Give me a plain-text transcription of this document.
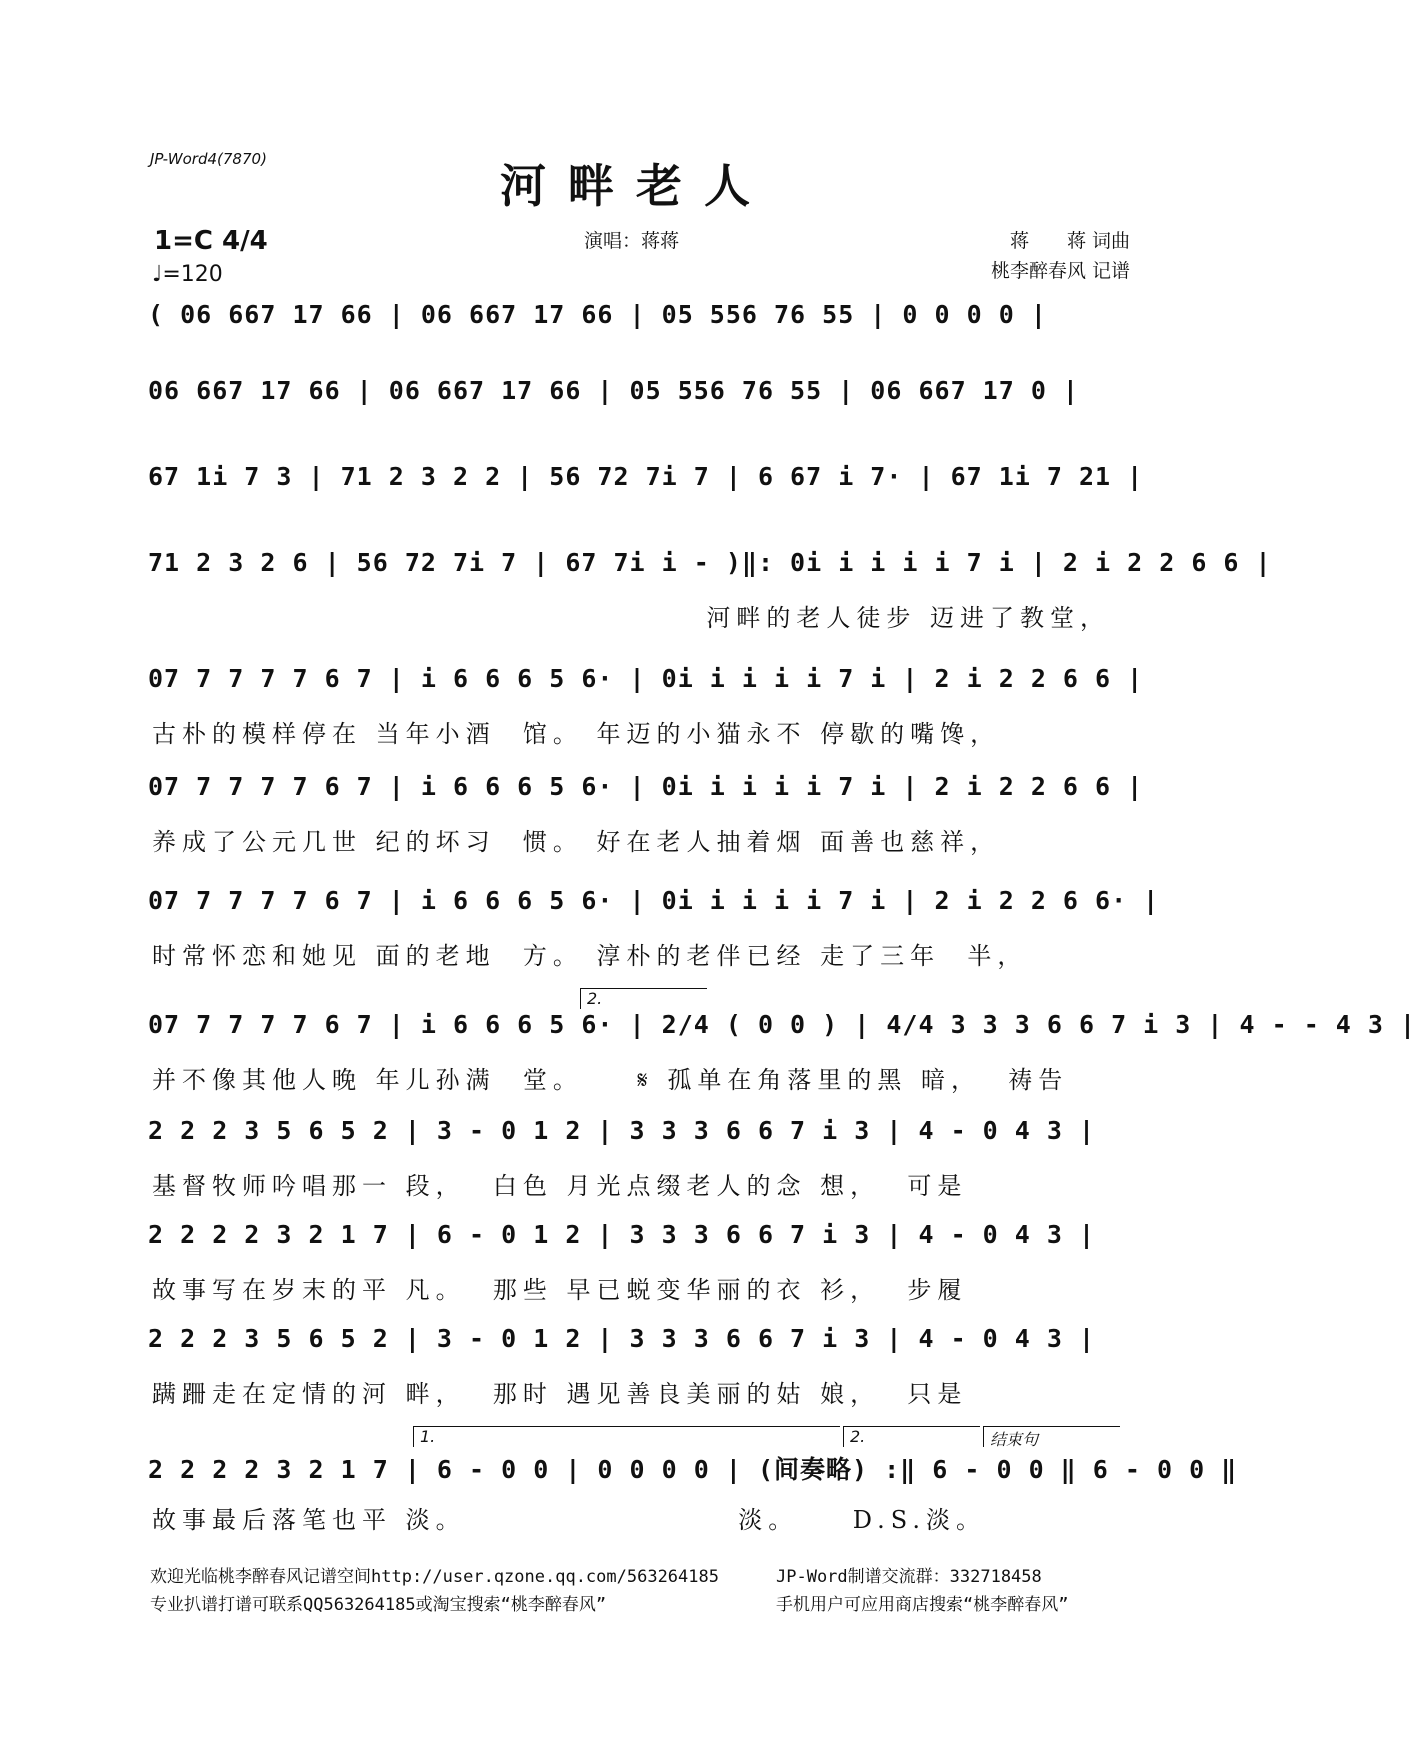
JP-Word4(7870)	河畔老人
1=C 4/4
♩=120
演唱：蒋蒋	蒋　　蒋 词曲
桃李醉春风 记谱
( 06 667 17 66 | 06 667 17 66 | 05 556 76 55 | 0 0 0 0 |
06 667 17 66 | 06 667 17 66 | 05 556 76 55 | 06 667 17 0 |
67 1i 7 3 | 71 2 3 2 2 | 56 72 7i 7 | 6 67 i 7· | 67 1i 7 21 |
71 2 3 2 6 | 56 72 7i 7 | 67 7i i - )‖: 0i i i i i 7 i | 2 i 2 2 6 6 |
河畔的老人徒步 迈进了教堂，
07 7 7 7 7 6 7 | i 6 6 6 5 6· | 0i i i i i 7 i | 2 i 2 2 6 6 |
古朴的模样停在 当年小酒  馆。 年迈的小猫永不 停歇的嘴馋，
07 7 7 7 7 6 7 | i 6 6 6 5 6· | 0i i i i i 7 i | 2 i 2 2 6 6 |
养成了公元几世 纪的坏习  惯。 好在老人抽着烟 面善也慈祥，
07 7 7 7 7 6 7 | i 6 6 6 5 6· | 0i i i i i 7 i | 2 i 2 2 6 6· |
时常怀恋和她见 面的老地  方。 淳朴的老伴已经 走了三年  半，
2.
07 7 7 7 7 6 7 | i 6 6 6 5 6· | 2/4 ( 0 0 ) | 4/4 3 3 3 6 6 7 i 3 | 4 - - 4 3 |
并不像其他人晚 年儿孙满  堂。    𝄋 孤单在角落里的黑 暗，  祷告
2 2 2 3 5 6 5 2 | 3 - 0 1 2 | 3 3 3 6 6 7 i 3 | 4 - 0 4 3 |
基督牧师吟唱那一 段，  白色 月光点缀老人的念 想，  可是
2 2 2 2 3 2 1 7 | 6 - 0 1 2 | 3 3 3 6 6 7 i 3 | 4 - 0 4 3 |
故事写在岁末的平 凡。  那些 早已蜕变华丽的衣 衫，  步履
2 2 2 3 5 6 5 2 | 3 - 0 1 2 | 3 3 3 6 6 7 i 3 | 4 - 0 4 3 |
蹒跚走在定情的河 畔，  那时 遇见善良美丽的姑 娘，  只是
1.	2.	结束句
2 2 2 2 3 2 1 7 | 6 - 0 0 | 0 0 0 0 | (间奏略) :‖ 6 - 0 0 ‖ 6 - 0 0 ‖
故事最后落笔也平 淡。                    淡。    D.S.淡。
欢迎光临桃李醉春风记谱空间http://user.qzone.qq.com/563264185	JP-Word制谱交流群：332718458
专业扒谱打谱可联系QQ563264185或淘宝搜索“桃李醉春风”	手机用户可应用商店搜索“桃李醉春风”
